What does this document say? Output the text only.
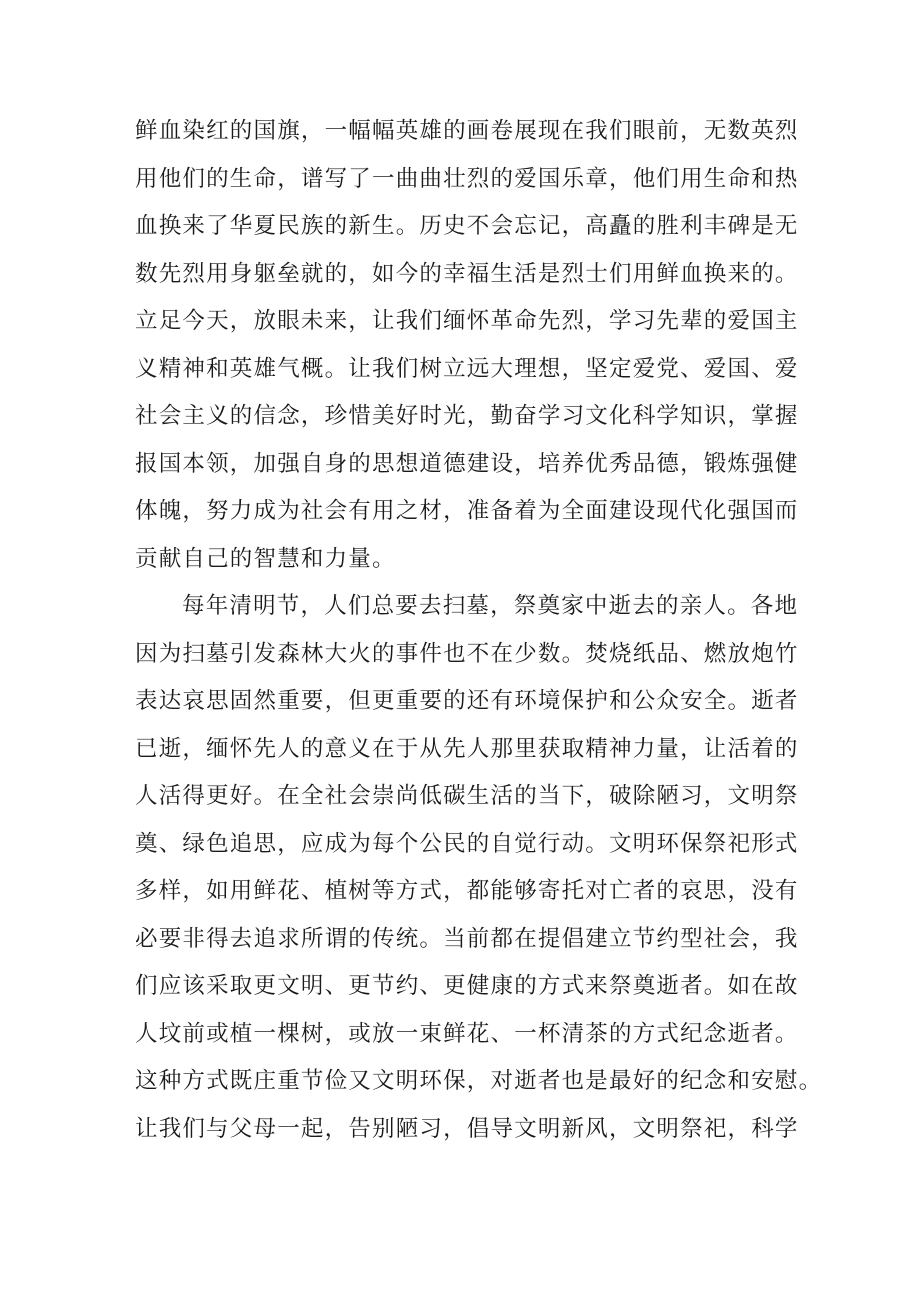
鲜血染红的国旗，一幅幅英雄的画卷展现在我们眼前，无数英烈
用他们的生命，谱写了一曲曲壮烈的爱国乐章，他们用生命和热
血换来了华夏民族的新生。历史不会忘记，高矗的胜利丰碑是无
数先烈用身躯垒就的，如今的幸福生活是烈士们用鲜血换来的。
立足今天，放眼未来，让我们缅怀革命先烈，学习先辈的爱国主
义精神和英雄气概。让我们树立远大理想，坚定爱党、爱国、爱
社会主义的信念，珍惜美好时光，勤奋学习文化科学知识，掌握
报国本领，加强自身的思想道德建设，培养优秀品德，锻炼强健
体魄，努力成为社会有用之材，准备着为全面建设现代化强国而
贡献自己的智慧和力量。
每年清明节，人们总要去扫墓，祭奠家中逝去的亲人。各地
因为扫墓引发森林大火的事件也不在少数。焚烧纸品、燃放炮竹
表达哀思固然重要，但更重要的还有环境保护和公众安全。逝者
已逝，缅怀先人的意义在于从先人那里获取精神力量，让活着的
人活得更好。在全社会崇尚低碳生活的当下，破除陋习，文明祭
奠、绿色追思，应成为每个公民的自觉行动。文明环保祭祀形式
多样，如用鲜花、植树等方式，都能够寄托对亡者的哀思，没有
必要非得去追求所谓的传统。当前都在提倡建立节约型社会，我
们应该采取更文明、更节约、更健康的方式来祭奠逝者。如在故
人坟前或植一棵树，或放一束鲜花、一杯清茶的方式纪念逝者。
这种方式既庄重节俭又文明环保，对逝者也是最好的纪念和安慰。
让我们与父母一起，告别陋习，倡导文明新风，文明祭祀，科学
